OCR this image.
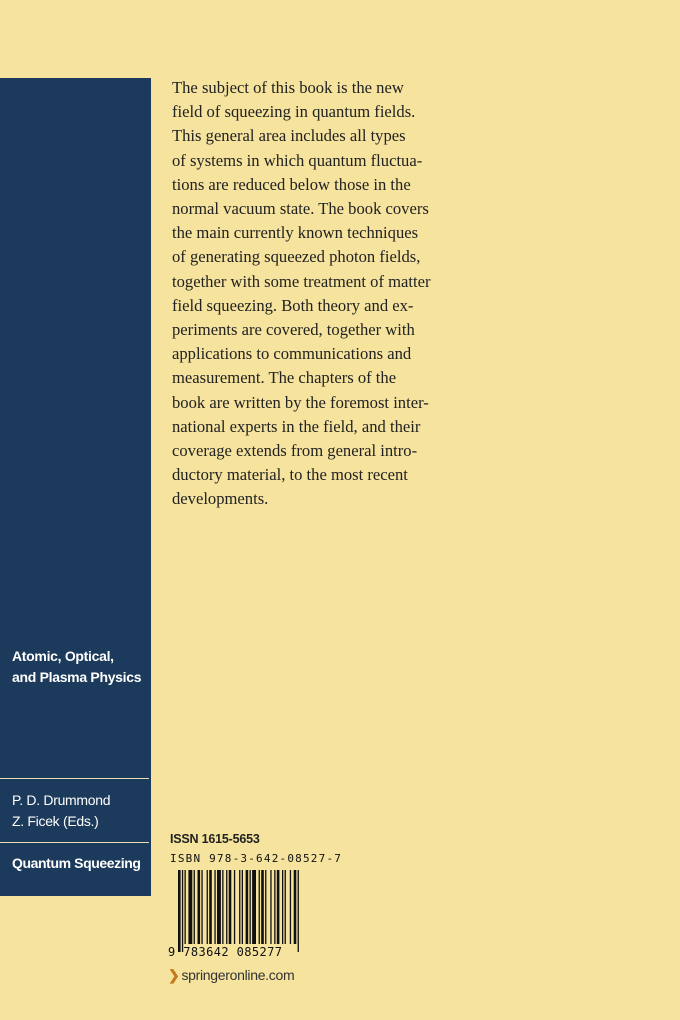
Atomic, Optical,
and Plasma Physics
P. D. Drummond
Z. Ficek (Eds.)
Quantum Squeezing

The subject of this book is the new
field of squeezing in quantum fields.
This general area includes all types
of systems in which quantum fluctua-
tions are reduced below those in the
normal vacuum state. The book covers
the main currently known techniques
of generating squeezed photon fields,
together with some treatment of matter
field squeezing. Both theory and ex-
periments are covered, together with
applications to communications and
measurement. The chapters of the
book are written by the foremost inter-
national experts in the field, and their
coverage extends from general intro-
ductory material, to the most recent
developments.

ISSN 1615-5653
ISBN 978-3-642-08527-7
9 783642 085277
❯ springeronline.com
